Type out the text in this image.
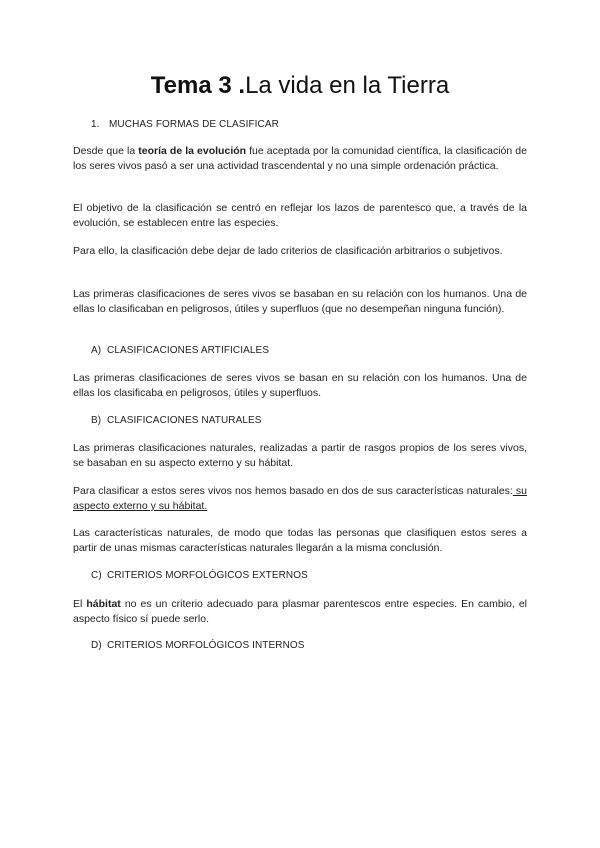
Tema 3 .La vida en la Tierra

1. MUCHAS FORMAS DE CLASIFICAR

Desde que la teoría de la evolución fue aceptada por la comunidad científica, la clasificación de los seres vivos pasó a ser una actividad trascendental y no una simple ordenación práctica.

El objetivo de la clasificación se centró en reflejar los lazos de parentesco que, a través de la evolución, se establecen entre las especies.

Para ello, la clasificación debe dejar de lado criterios de clasificación arbitrarios o subjetivos.

Las primeras clasificaciones de seres vivos se basaban en su relación con los humanos. Una de ellas lo clasificaban en peligrosos, útiles y superfluos (que no desempeñan ninguna función).

A) CLASIFICACIONES ARTIFICIALES

Las primeras clasificaciones de seres vivos se basan en su relación con los humanos. Una de ellas los clasificaba en peligrosos, útiles y superfluos.

B) CLASIFICACIONES NATURALES

Las primeras clasificaciones naturales, realizadas a partir de rasgos propios de los seres vivos, se basaban en su aspecto externo y su hábitat.

Para clasificar a estos seres vivos nos hemos basado en dos de sus características naturales: su aspecto externo y su hábitat.

Las características naturales, de modo que todas las personas que clasifiquen estos seres a partir de unas mismas características naturales llegarán a la misma conclusión.

C) CRITERIOS MORFOLÓGICOS EXTERNOS

El hábitat no es un criterio adecuado para plasmar parentescos entre especies. En cambio, el aspecto físico sí puede serlo.

D) CRITERIOS MORFOLÓGICOS INTERNOS
